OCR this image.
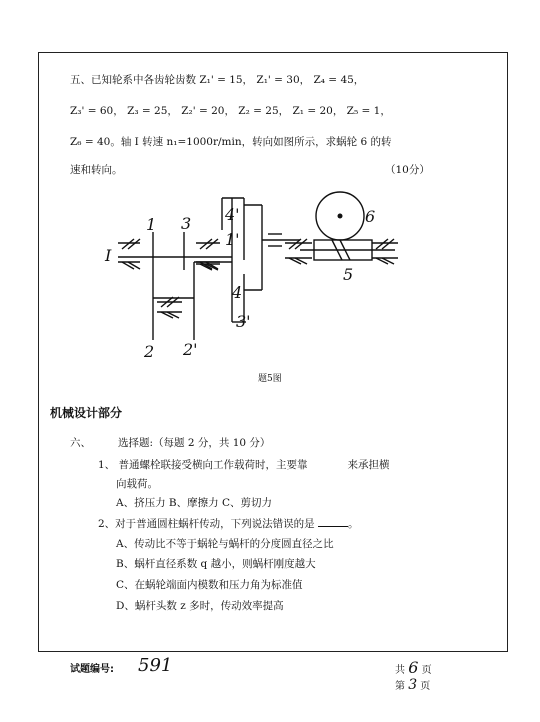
五、已知轮系中各齿轮齿数 Z₁' = 15， Z₁' = 30， Z₄ = 45，
Z₃' = 60， Z₃ = 25， Z₂' = 20， Z₂ = 25， Z₁ = 20， Z₅ = 1，
Z₆ = 40。轴 I 转速 n₁=1000r/min，转向如图所示，求蜗轮 6 的转
速和转向。	（10分）
I
1 3 4'
1'
4
3'
2 2'
6
5
题5图
机械设计部分
六、	选择题:（每题 2 分，共 10 分）
1、 普通螺栓联接受横向工作载荷时，主要靠	来承担横
向载荷。
A、挤压力 B、摩擦力 C、剪切力
2、对于普通圆柱蜗杆传动，下列说法错误的是	。
A、传动比不等于蜗轮与蜗杆的分度圆直径之比
B、蜗杆直径系数 q 越小，则蜗杆刚度越大
C、在蜗轮端面内模数和压力角为标准值
D、蜗杆头数 z 多时，传动效率提高
试题编号: 591	共 6 页
第 3 页
